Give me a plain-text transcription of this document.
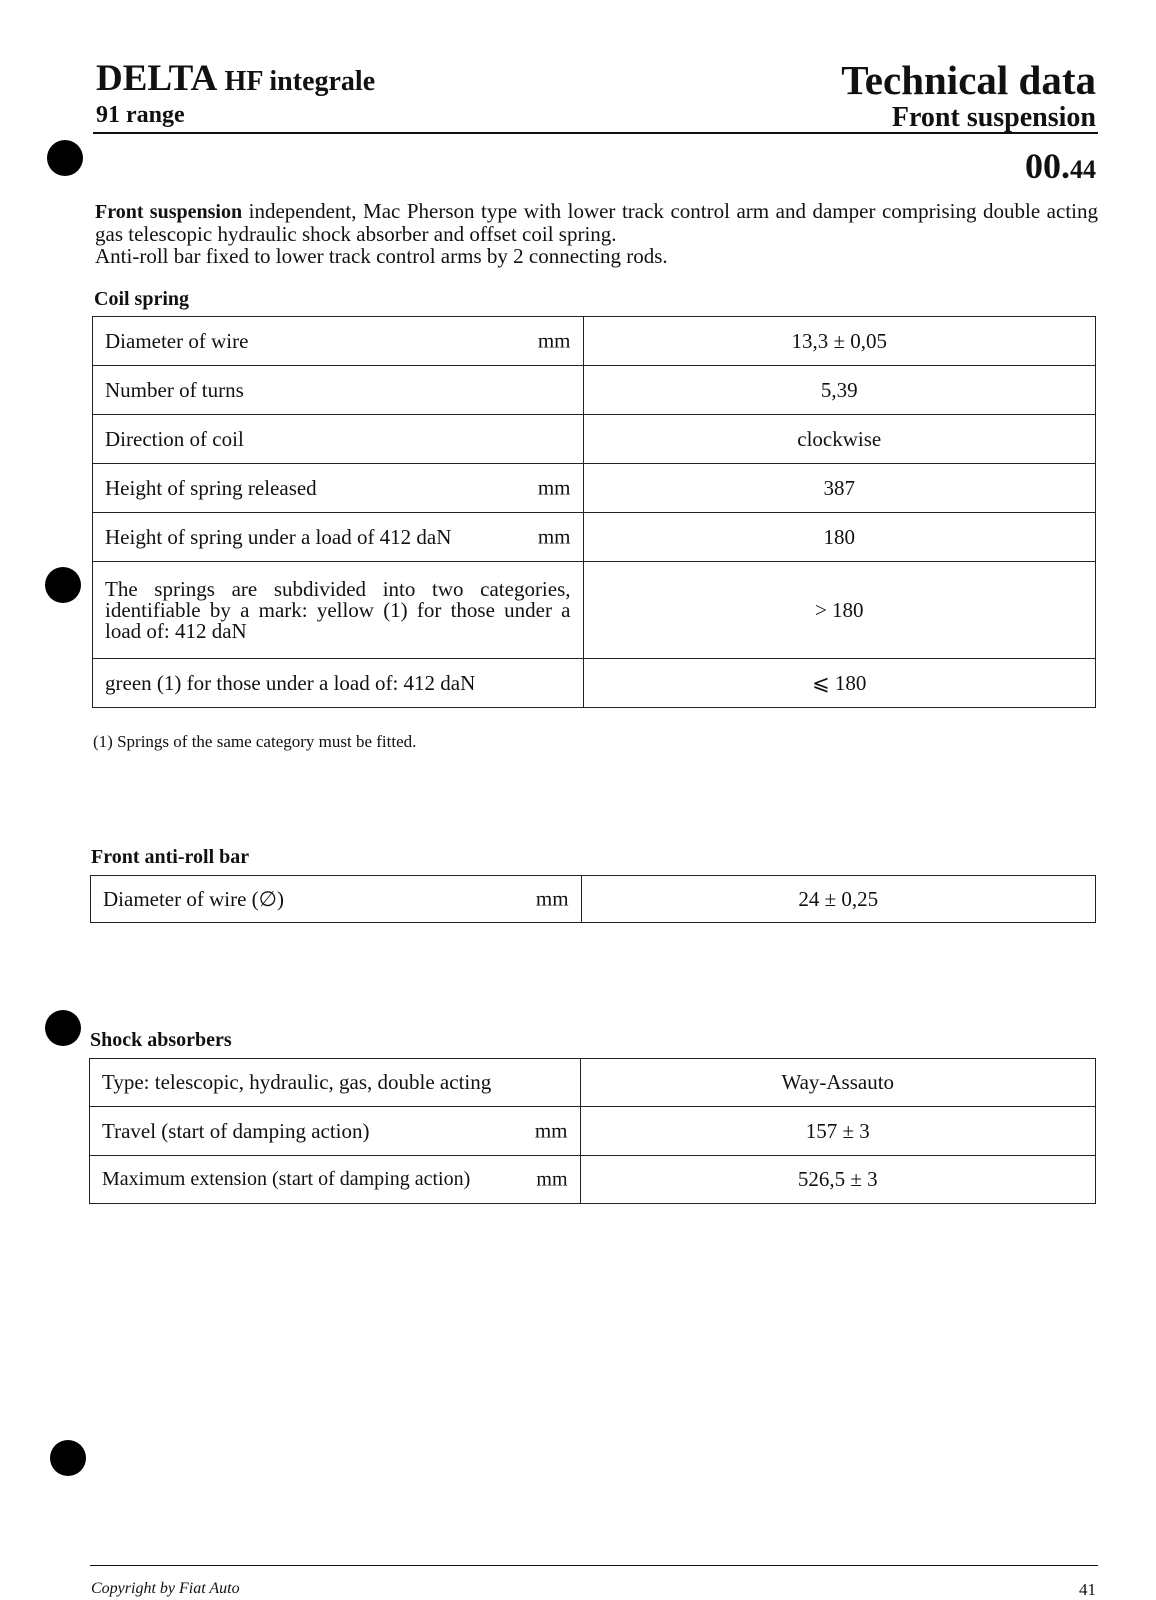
DELTA HF integrale
91 range
Technical data
Front suspension
00.44

Front suspension independent, Mac Pherson type with lower track control arm and damper comprising double acting gas telescopic hydraulic shock absorber and offset coil spring.

Anti-roll bar fixed to lower track control arms by 2 connecting rods.

Coil spring
Diameter of wire mm	13,3 ± 0,05
Number of turns	5,39
Direction of coil	clockwise
Height of spring released mm	387
Height of spring under a load of 412 daN mm	180
The springs are subdivided into two categories, identifiable by a mark: yellow (1) for those under a load of: 412 daN	> 180
green (1) for those under a load of: 412 daN	⩽ 180
(1) Springs of the same category must be fitted.
Front anti-roll bar
Diameter of wire (∅)	mm	24 ± 0,25
Shock absorbers
Type: telescopic, hydraulic, gas, double acting	Way-Assauto
Travel (start of damping action) mm	157 ± 3
Maximum extension (start of damping action) mm	526,5 ± 3
Copyright by Fiat Auto	41
